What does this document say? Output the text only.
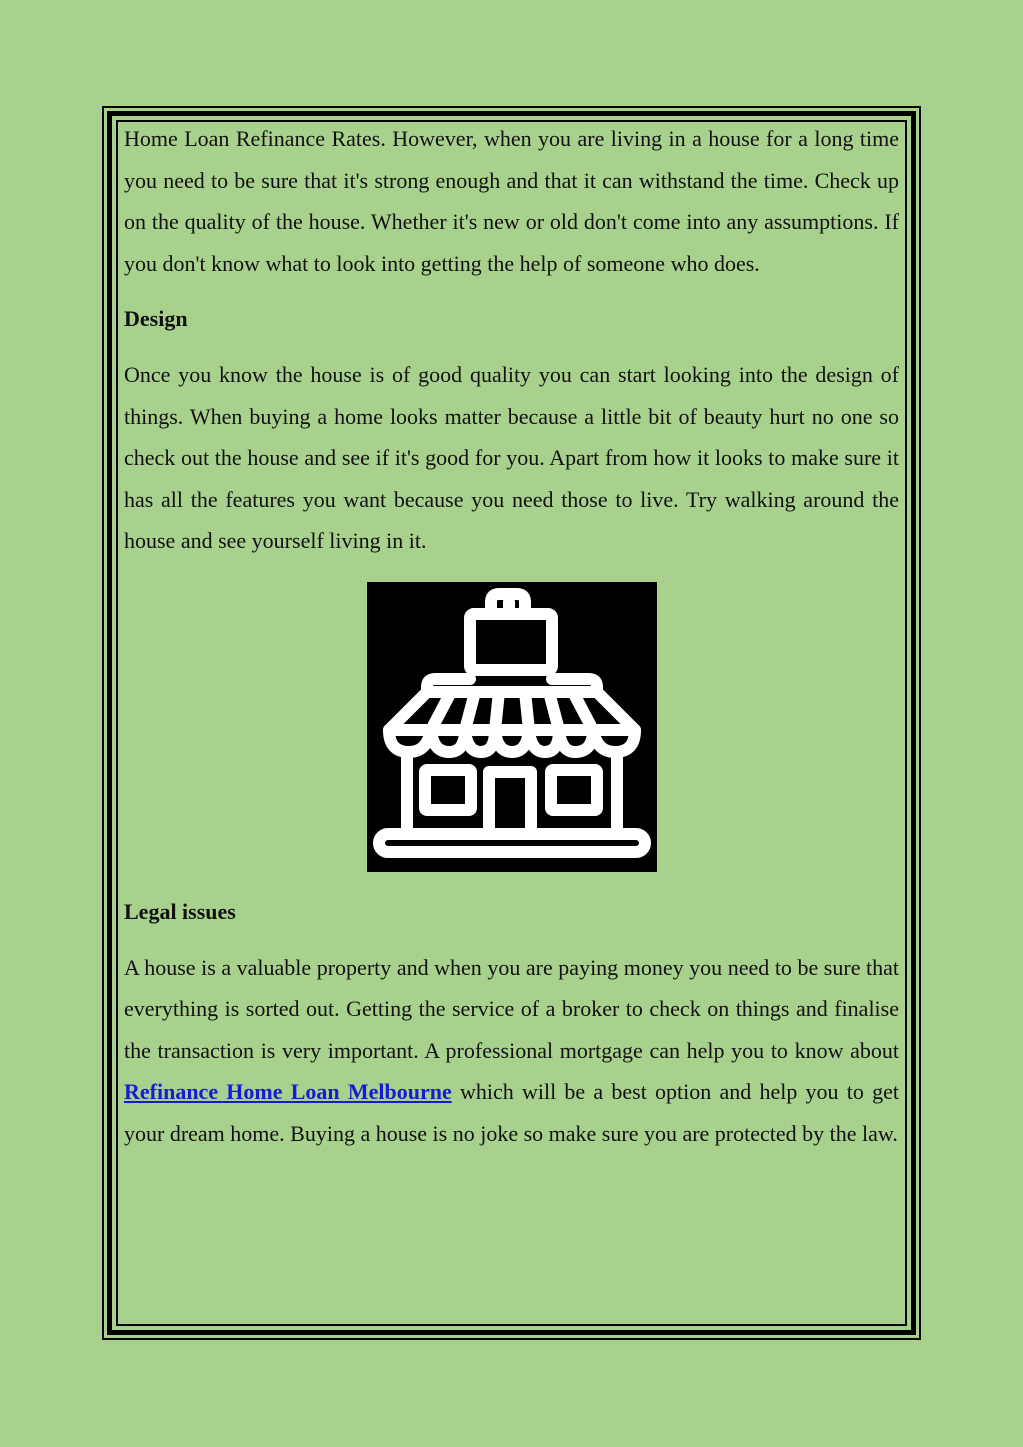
Home Loan Refinance Rates. However, when you are living in a house for a long time you need to be sure that it's strong enough and that it can withstand the time. Check up on the quality of the house. Whether it's new or old don't come into any assumptions. If you don't know what to look into getting the help of someone who does.

Design

Once you know the house is of good quality you can start looking into the design of things. When buying a home looks matter because a little bit of beauty hurt no one so check out the house and see if it's good for you. Apart from how it looks to make sure it has all the features you want because you need those to live. Try walking around the house and see yourself living in it.

Legal issues

A house is a valuable property and when you are paying money you need to be sure that everything is sorted out. Getting the service of a broker to check on things and finalise the transaction is very important. A professional mortgage can help you to know about Refinance Home Loan Melbourne which will be a best option and help you to get your dream home. Buying a house is no joke so make sure you are protected by the law.
